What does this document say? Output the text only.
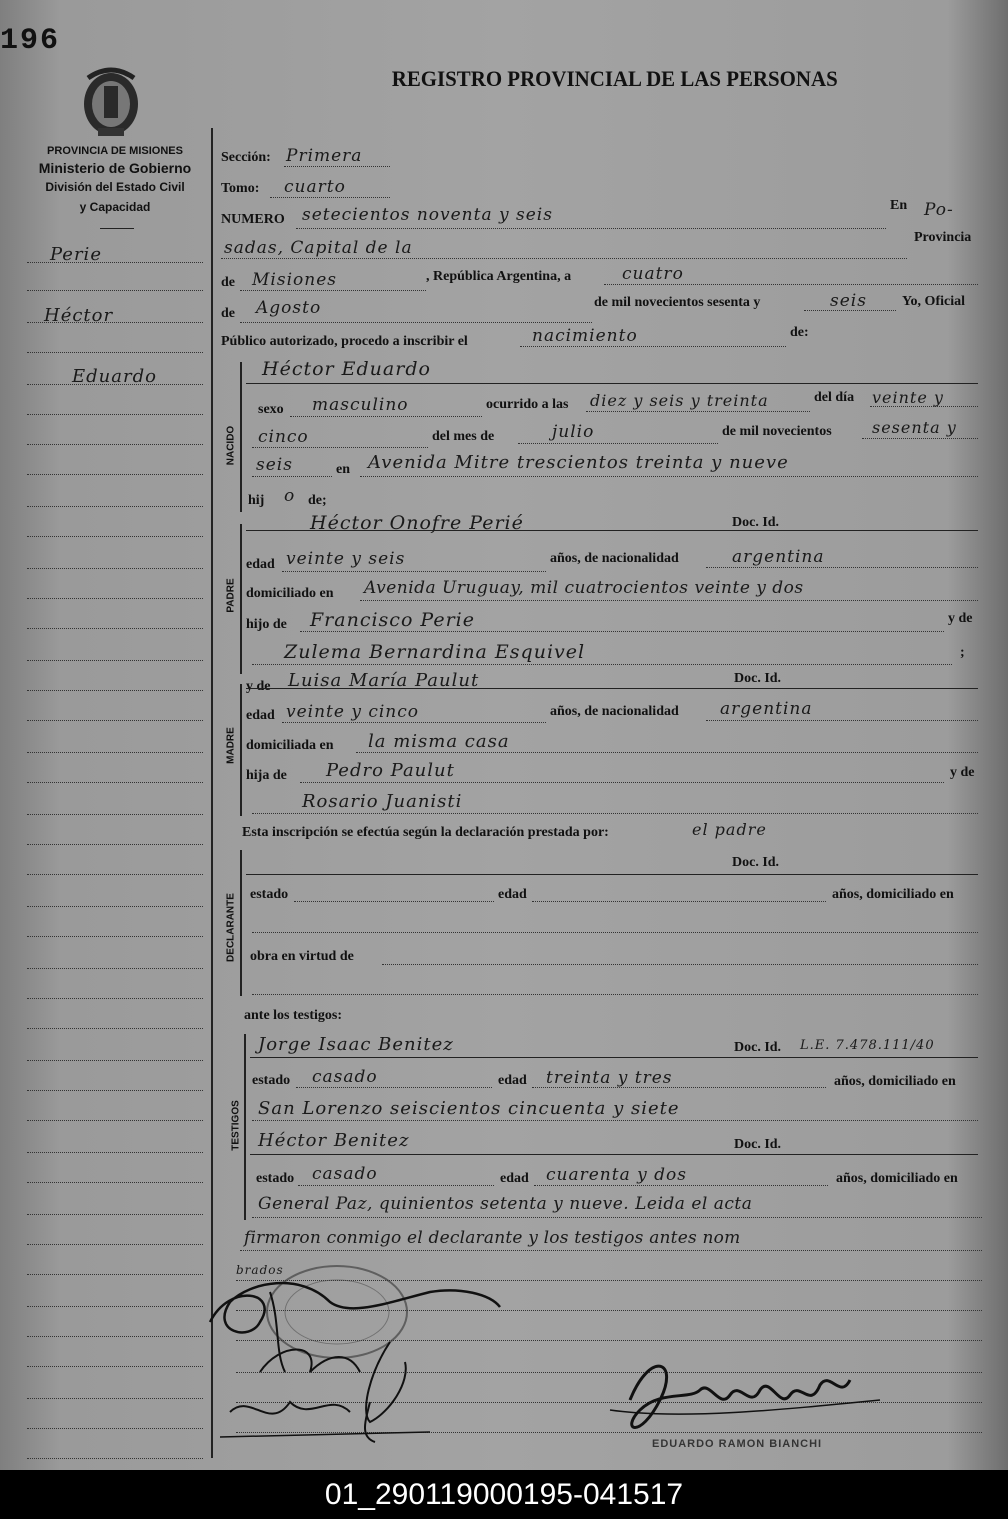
196
REGISTRO PROVINCIAL DE LAS PERSONAS
PROVINCIA DE MISIONES
Ministerio de Gobierno
División del Estado Civil
y Capacidad
Perie
Héctor
Eduardo
Sección: Primera
Tomo: cuarto
NUMERO setecientos noventa y seis	En Po-
sadas, Capital de la
Provincia
de Misiones	, República Argentina, a	cuatro
de Agosto	de mil novecientos sesenta y	seis	Yo, Oficial
Público autorizado, procedo a inscribir el	nacimiento	de:
NACIDO
Héctor Eduardo
sexo masculino	ocurrido a las diez y seis y treinta	del día veinte y
cinco	del mes de	julio	de mil novecientos	sesenta y
seis	en Avenida Mitre trescientos treinta y nueve
hij o de;
PADRE
Héctor Onofre Perié	Doc. Id.
edad veinte y seis	años, de nacionalidad	argentina
domiciliado en Avenida Uruguay, mil cuatrocientos veinte y dos
hijo de Francisco Perie	y de
Zulema Bernardina Esquivel	;
MADRE
y de Luisa María Paulut	Doc. Id.
edad veinte y cinco	años, de nacionalidad argentina
domiciliada en la misma casa
hija de Pedro Paulut	y de
Rosario Juanisti
Esta inscripción se efectúa según la declaración prestada por:	el padre
DECLARANTE
Doc. Id.
estado	edad	años, domiciliado en
obra en virtud de
ante los testigos:
TESTIGOS
Jorge Isaac Benitez	Doc. Id. L.E. 7.478.111/40
estado casado	edad treinta y tres	años, domiciliado en
San Lorenzo seiscientos cincuenta y siete
Héctor Benitez	Doc. Id.
estado casado	edad cuarenta y dos	años, domiciliado en
General Paz, quinientos setenta y nueve. Leida el acta
firmaron conmigo el declarante y los testigos antes nom
brados
EDUARDO RAMON BIANCHI
01_290119000195-041517
